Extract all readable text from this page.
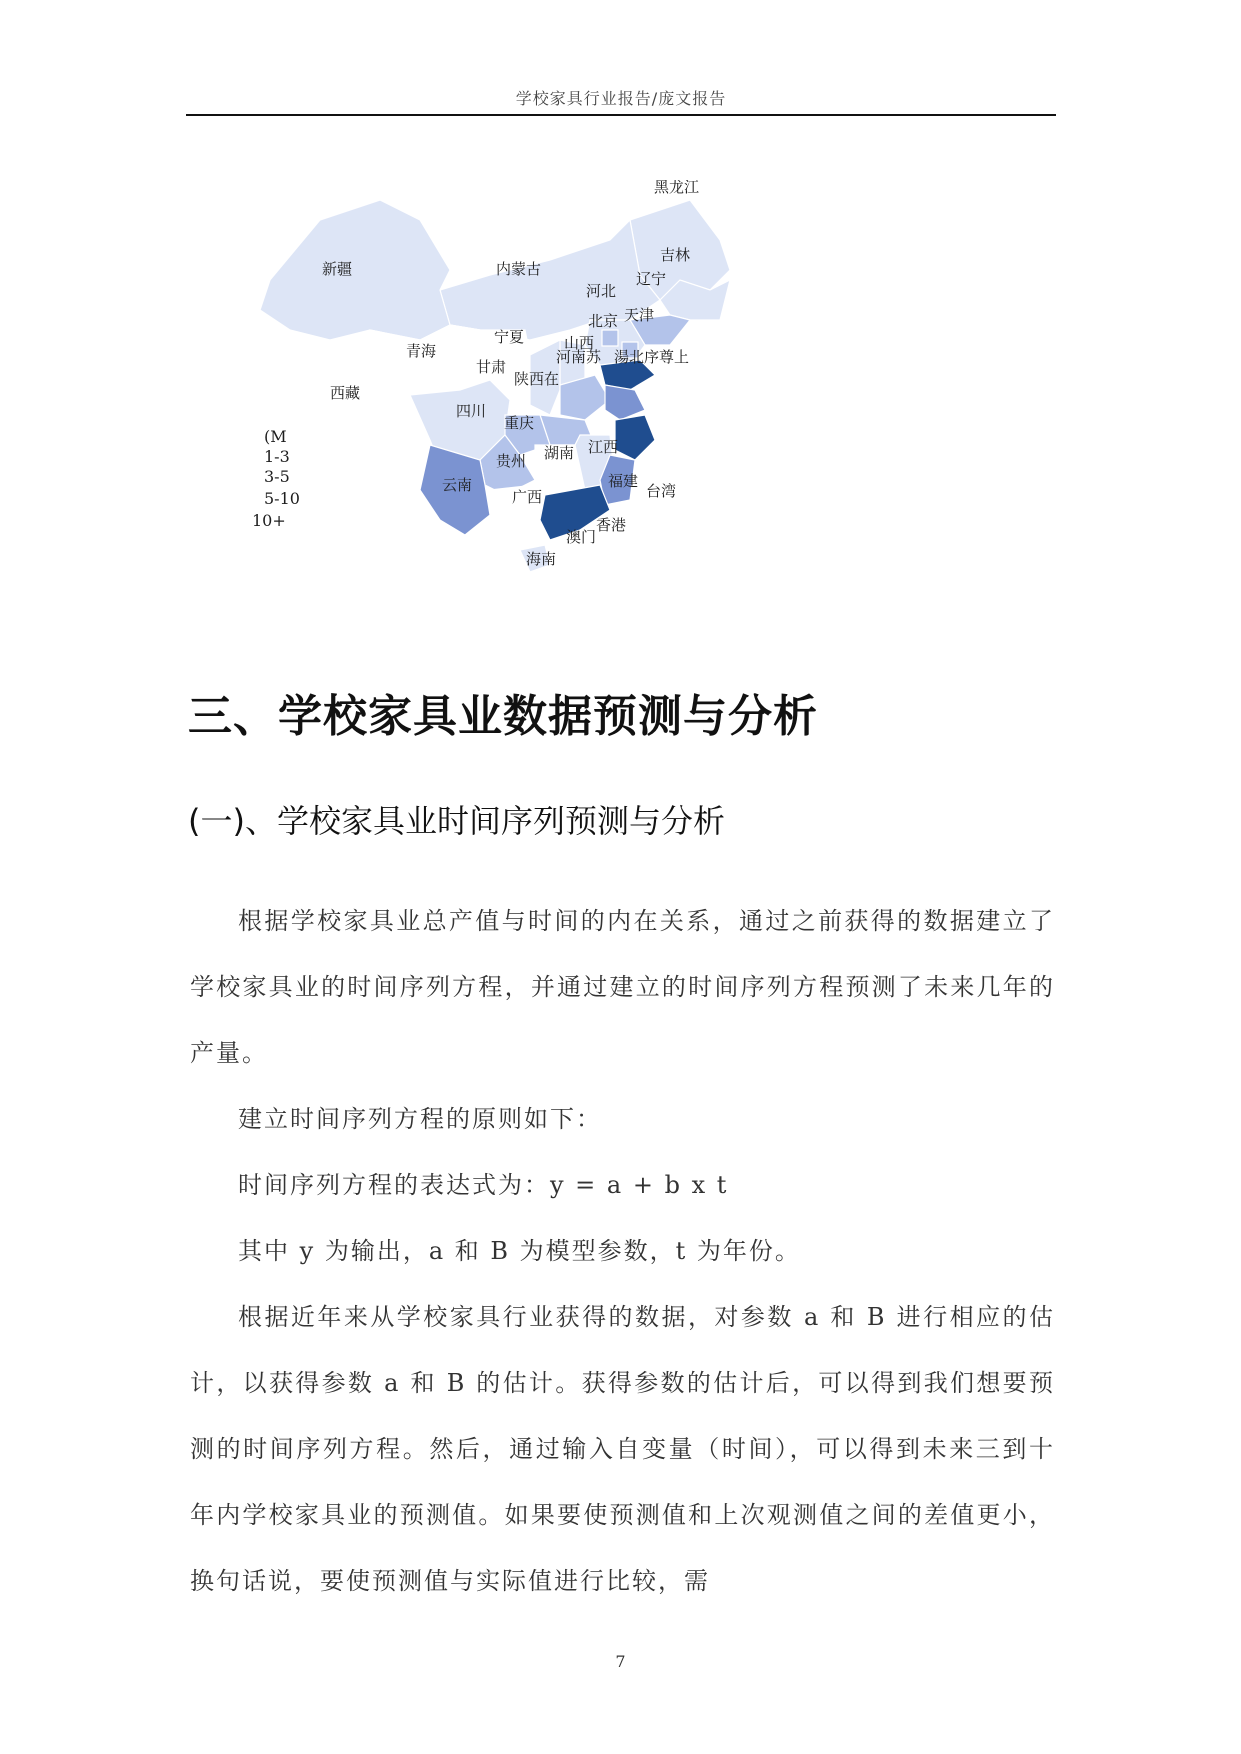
学校家具行业报告/庞文报告
黑龙江
吉林
辽宁
内蒙古
新疆
河北
北京 天津
宁夏	山西
青海
甘肃
陕西在
河南苏 湯北序尊上
西藏
四川
重庆
贵州 湖南 江西
福建
台湾
云南
广西
香港
澳门
海南
(M
1-3
3-5
5-10
10+
三、学校家具业数据预测与分析
(一)、学校家具业时间序列预测与分析

根据学校家具业总产值与时间的内在关系，通过之前获得的数据建立了学校家具业的时间序列方程，并通过建立的时间序列方程预测了未来几年的产量。

建立时间序列方程的原则如下：

时间序列方程的表达式为：y = a + b x t

其中 y 为输出，a 和 B 为模型参数，t 为年份。

根据近年来从学校家具行业获得的数据，对参数 a 和 B 进行相应的估计，以获得参数 a 和 B 的估计。获得参数的估计后，可以得到我们想要预测的时间序列方程。然后，通过输入自变量（时间），可以得到未来三到十年内学校家具业的预测值。如果要使预测值和上次观测值之间的差值更小，换句话说，要使预测值与实际值进行比较，需

7
